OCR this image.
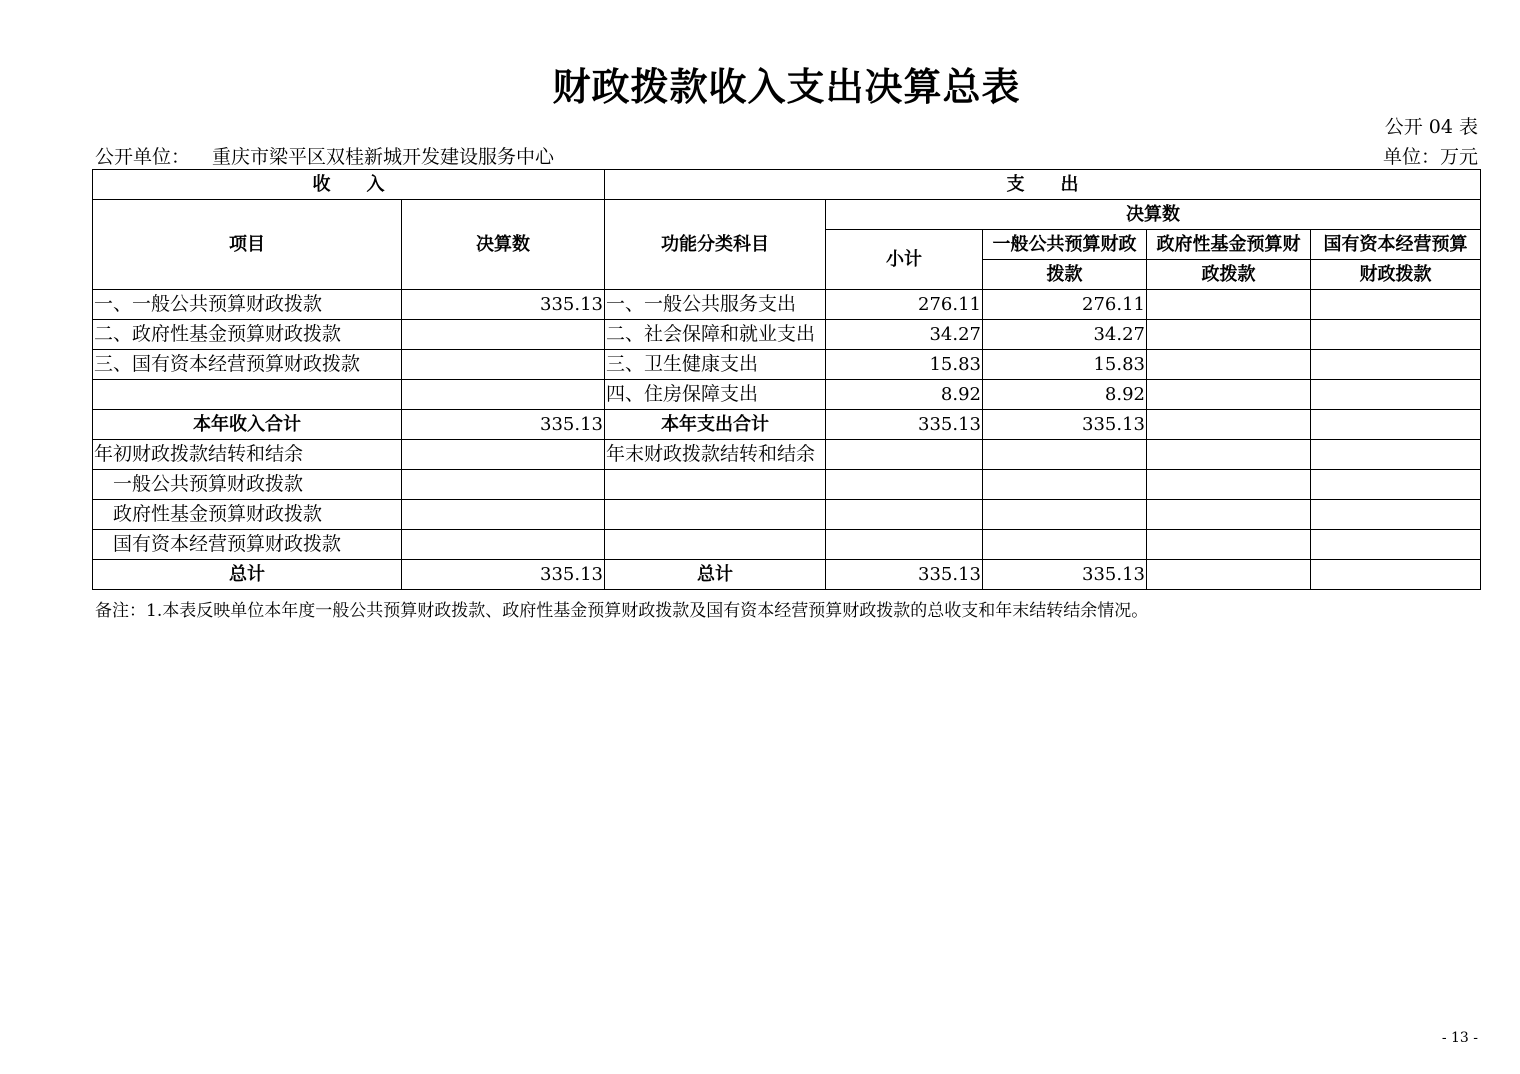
财政拨款收入支出决算总表
公开 04 表
公开单位： 重庆市梁平区双桂新城开发建设服务中心	单位：万元
收　　入		支　　出				
项目	决算数	功能分类科目	决算数			
			小计	一般公共预算财政	政府性基金预算财	国有资本经营预算
				拨款	政拨款	财政拨款
一、一般公共预算财政拨款	335.13	一、一般公共服务支出	276.11	276.11		
二、政府性基金预算财政拨款		二、社会保障和就业支出	34.27	34.27		
三、国有资本经营预算财政拨款		三、卫生健康支出	15.83	15.83		
		四、住房保障支出	8.92	8.92		
本年收入合计	335.13	本年支出合计	335.13	335.13		
年初财政拨款结转和结余		年末财政拨款结转和结余				
一般公共预算财政拨款						
政府性基金预算财政拨款						
国有资本经营预算财政拨款						
总计	335.13	总计	335.13	335.13		
备注：1.本表反映单位本年度一般公共预算财政拨款、政府性基金预算财政拨款及国有资本经营预算财政拨款的总收支和年末结转结余情况。
- 13 -
